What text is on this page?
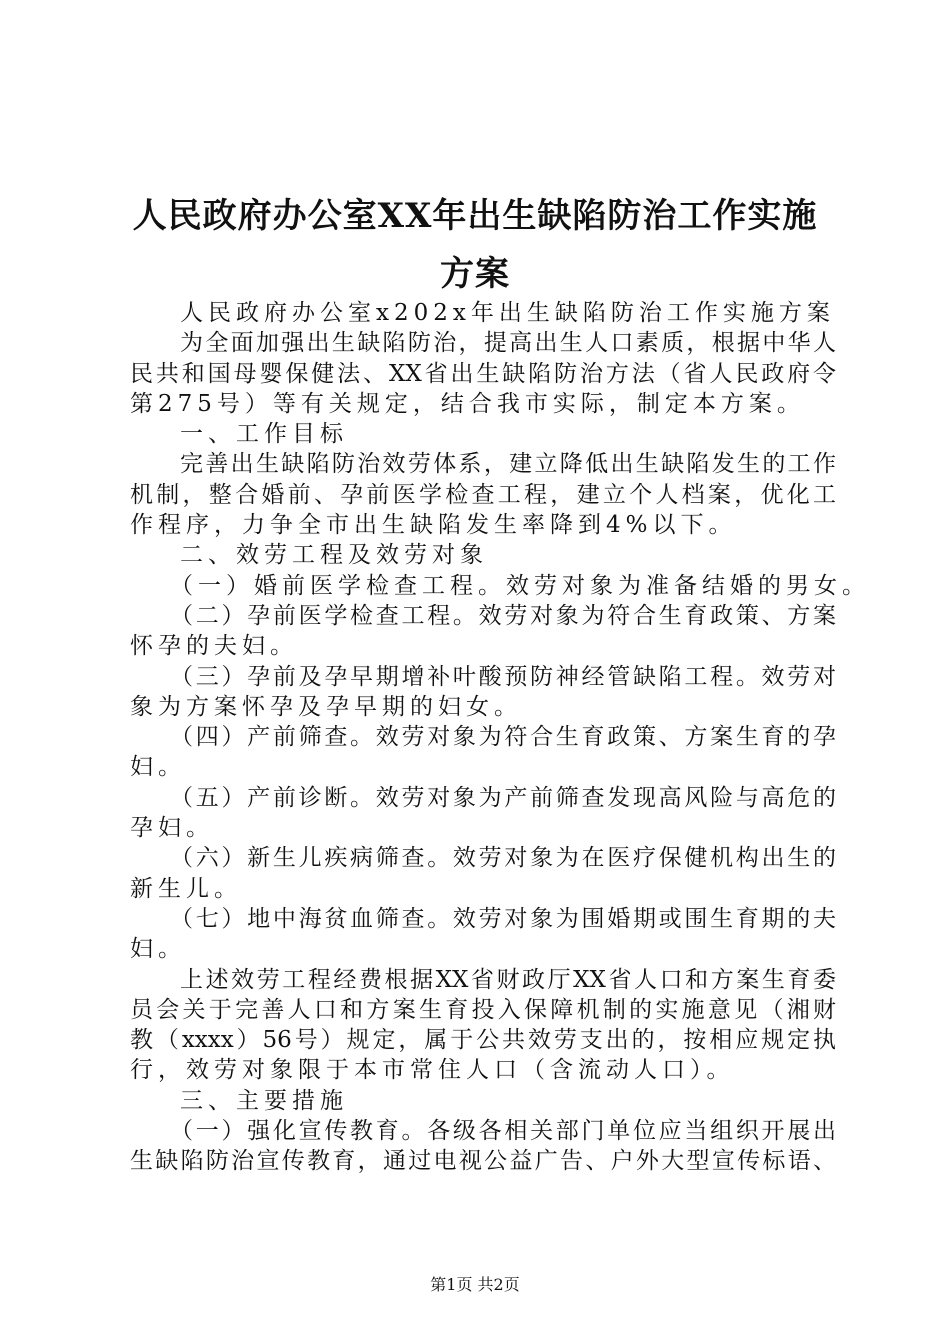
人民政府办公室XX年出生缺陷防治工作实施
方案
人民政府办公室x202x年出生缺陷防治工作实施方案
为全面加强出生缺陷防治，提高出生人口素质，根据中华人
民共和国母婴保健法、XX省出生缺陷防治方法（省人民政府令
第275号）等有关规定，结合我市实际，制定本方案。
一、工作目标
完善出生缺陷防治效劳体系，建立降低出生缺陷发生的工作
机制，整合婚前、孕前医学检查工程，建立个人档案，优化工
作程序，力争全市出生缺陷发生率降到4%以下。
二、效劳工程及效劳对象
（一）婚前医学检查工程。效劳对象为准备结婚的男女。
（二）孕前医学检查工程。效劳对象为符合生育政策、方案
怀孕的夫妇。
（三）孕前及孕早期增补叶酸预防神经管缺陷工程。效劳对
象为方案怀孕及孕早期的妇女。
（四）产前筛查。效劳对象为符合生育政策、方案生育的孕
妇。
（五）产前诊断。效劳对象为产前筛查发现高风险与高危的
孕妇。
（六）新生儿疾病筛查。效劳对象为在医疗保健机构出生的
新生儿。
（七）地中海贫血筛查。效劳对象为围婚期或围生育期的夫
妇。
上述效劳工程经费根据XX省财政厅XX省人口和方案生育委
员会关于完善人口和方案生育投入保障机制的实施意见（湘财
教（xxxx）56号）规定，属于公共效劳支出的，按相应规定执
行，效劳对象限于本市常住人口（含流动人口）。
三、主要措施
（一）强化宣传教育。各级各相关部门单位应当组织开展出
生缺陷防治宣传教育，通过电视公益广告、户外大型宣传标语、
第1页 共2页
